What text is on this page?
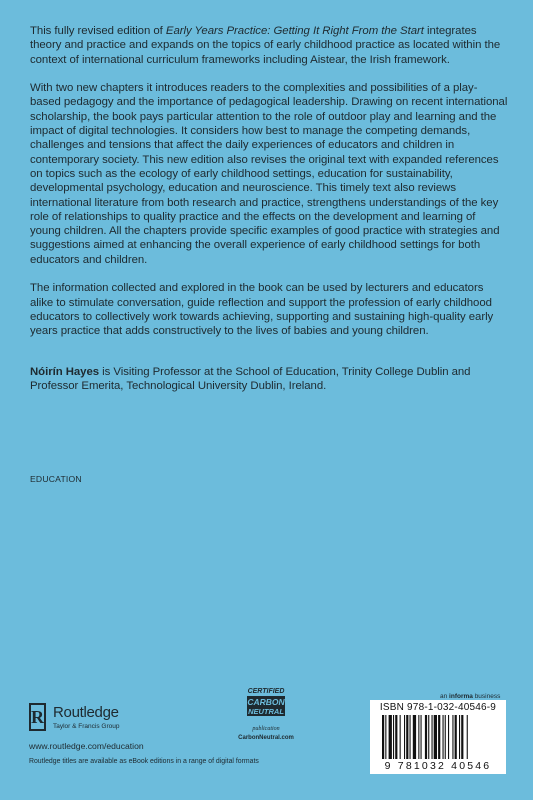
This fully revised edition of Early Years Practice: Getting It Right From the Start integrates theory and practice and expands on the topics of early childhood practice as located within the context of international curriculum frameworks including Aistear, the Irish framework.

With two new chapters it introduces readers to the complexities and possibilities of a play-based pedagogy and the importance of pedagogical leadership. Drawing on recent international scholarship, the book pays particular attention to the role of outdoor play and learning and the impact of digital technologies. It considers how best to manage the competing demands, challenges and tensions that affect the daily experiences of educators and children in contemporary society. This new edition also revises the original text with expanded references on topics such as the ecology of early childhood settings, education for sustainability, developmental psychology, education and neuroscience. This timely text also reviews international literature from both research and practice, strengthens understandings of the key role of relationships to quality practice and the effects on the development and learning of young children. All the chapters provide specific examples of good practice with strategies and suggestions aimed at enhancing the overall experience of early childhood settings for both educators and children.

The information collected and explored in the book can be used by lecturers and educators alike to stimulate conversation, guide reflection and support the profession of early childhood educators to collectively work towards achieving, supporting and sustaining high-quality early years practice that adds constructively to the lives of babies and young children.

Nóirín Hayes is Visiting Professor at the School of Education, Trinity College Dublin and Professor Emerita, Technological University Dublin, Ireland.

EDUCATION
R Routledge
Taylor & Francis Group
www.routledge.com/education
Routledge titles are available as eBook editions in a range of digital formats
CERTIFIED
CARBON
NEUTRAL
publication
CarbonNeutral.com
an informa business
ISBN 978-1-032-40546-9
9 781032 40546
